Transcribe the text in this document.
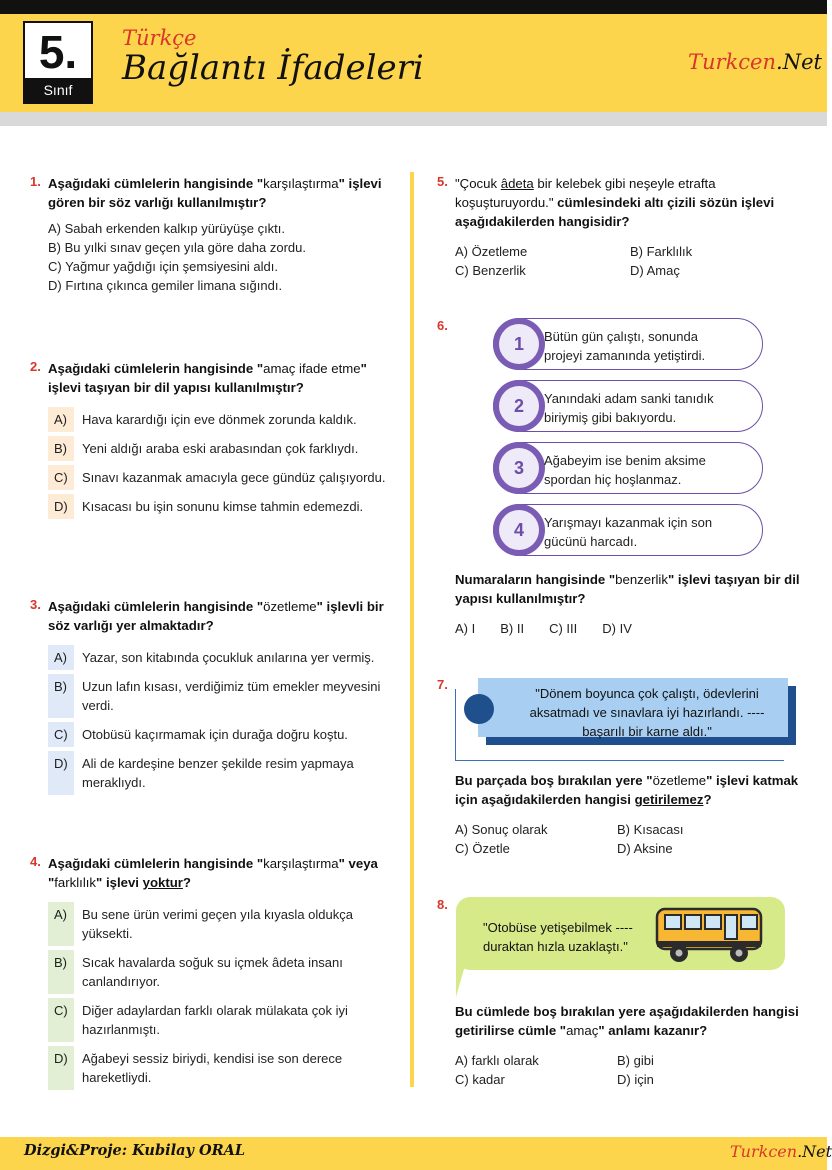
5.
Sınıf
Türkçe
Bağlantı İfadeleri	Turkcen.Net
1. Aşağıdaki cümlelerin hangisinde "karşılaştırma" işlevi gören bir söz varlığı kullanılmıştır?
A) Sabah erkenden kalkıp yürüyüşe çıktı.
B) Bu yılki sınav geçen yıla göre daha zordu.
C) Yağmur yağdığı için şemsiyesini aldı.
D) Fırtına çıkınca gemiler limana sığındı.
2. Aşağıdaki cümlelerin hangisinde "amaç ifade etme" işlevi taşıyan bir dil yapısı kullanılmıştır?
A)	Hava karardığı için eve dönmek zorunda kaldık.
B)	Yeni aldığı araba eski arabasından çok farklıydı.
C)	Sınavı kazanmak amacıyla gece gündüz çalışıyordu.
D)	Kısacası bu işin sonunu kimse tahmin edemezdi.
3. Aşağıdaki cümlelerin hangisinde "özetleme" işlevli bir söz varlığı yer almaktadır?
A)	Yazar, son kitabında çocukluk anılarına yer vermiş.
B)	Uzun lafın kısası, verdiğimiz tüm emekler meyvesini verdi.
C)	Otobüsü kaçırmamak için durağa doğru koştu.
D)	Ali de kardeşine benzer şekilde resim yapmaya meraklıydı.
4. Aşağıdaki cümlelerin hangisinde "karşılaştırma" veya "farklılık" işlevi yoktur?
A)	Bu sene ürün verimi geçen yıla kıyasla oldukça yüksekti.
B)	Sıcak havalarda soğuk su içmek âdeta insanı canlandırıyor.
C)	Diğer adaylardan farklı olarak mülakata çok iyi hazırlanmıştı.
D)	Ağabeyi sessiz biriydi, kendisi ise son derece hareketliydi.
5. "Çocuk âdeta bir kelebek gibi neşeyle etrafta koşuşturuyordu." cümlesindeki altı çizili sözün işlevi aşağıdakilerden hangisidir?
A) Özetleme	B) Farklılık
C) Benzerlik	D) Amaç
6.
1	Bütün gün çalıştı, sonunda projeyi zamanında yetiştirdi.
2	Yanındaki adam sanki tanıdık biriymiş gibi bakıyordu.
3	Ağabeyim ise benim aksime spordan hiç hoşlanmaz.
4	Yarışmayı kazanmak için son gücünü harcadı.
Numaraların hangisinde "benzerlik" işlevi taşıyan bir dil yapısı kullanılmıştır?
A) I B) II C) III D) IV
7.
"Dönem boyunca çok çalıştı, ödevlerini aksatmadı ve sınavlara iyi hazırlandı. ---- başarılı bir karne aldı."
Bu parçada boş bırakılan yere "özetleme" işlevi katmak için aşağıdakilerden hangisi getirilemez?
A) Sonuç olarak	B) Kısacası
C) Özetle	D) Aksine
8.
"Otobüse yetişebilmek ---- duraktan hızla uzaklaştı."
Bu cümlede boş bırakılan yere aşağıdakilerden hangisi getirilirse cümle "amaç" anlamı kazanır?
A) farklı olarak	B) gibi
C) kadar	D) için
Dizgi&Proje: Kubilay ORAL	Turkcen.Net
